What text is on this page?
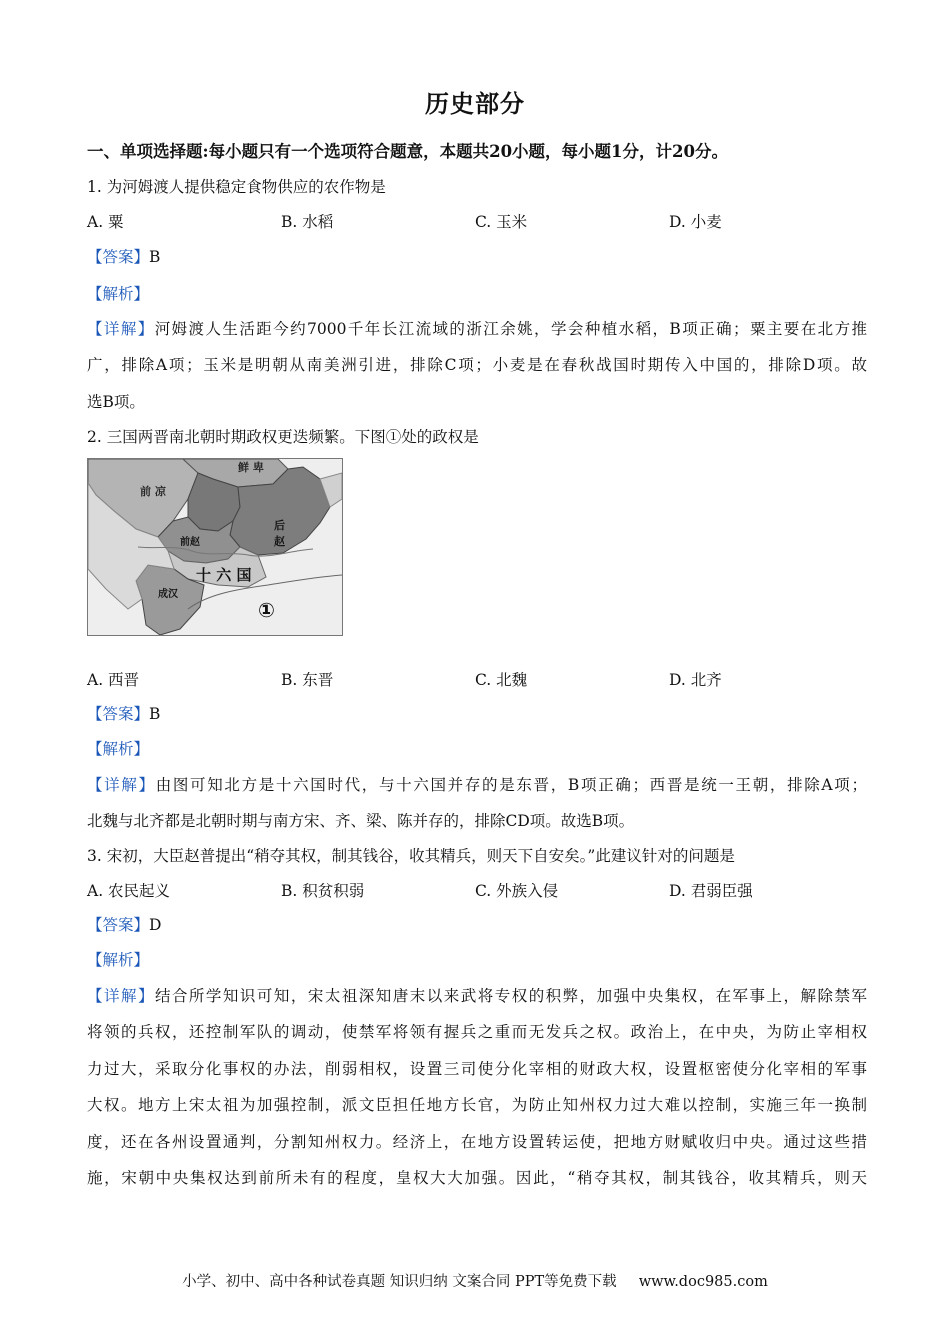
历史部分
一、单项选择题:每小题只有一个选项符合题意，本题共20小题，每小题1分，计20分。
1. 为河姆渡人提供稳定食物供应的农作物是
A. 粟	B. 水稻	C. 玉米	D. 小麦
【答案】B
【解析】
【详解】河姆渡人生活距今约7000千年长江流域的浙江余姚，学会种植水稻，B项正确；粟主要在北方推
广，排除A项；玉米是明朝从南美洲引进，排除C项；小麦是在春秋战国时期传入中国的，排除D项。故
选B项。
2. 三国两晋南北朝时期政权更迭频繁。下图①处的政权是
鲜 卑
前 凉
前赵
后
赵
十 六 国
成汉
①
A. 西晋	B. 东晋	C. 北魏	D. 北齐
【答案】B
【解析】
【详解】由图可知北方是十六国时代，与十六国并存的是东晋，B项正确；西晋是统一王朝，排除A项；
北魏与北齐都是北朝时期与南方宋、齐、梁、陈并存的，排除CD项。故选B项。
3. 宋初，大臣赵普提出“稍夺其权，制其钱谷，收其精兵，则天下自安矣。”此建议针对的问题是
A. 农民起义	B. 积贫积弱	C. 外族入侵	D. 君弱臣强
【答案】D
【解析】
【详解】结合所学知识可知，宋太祖深知唐末以来武将专权的积弊，加强中央集权，在军事上，解除禁军
将领的兵权，还控制军队的调动，使禁军将领有握兵之重而无发兵之权。政治上，在中央，为防止宰相权
力过大，采取分化事权的办法，削弱相权，设置三司使分化宰相的财政大权，设置枢密使分化宰相的军事
大权。地方上宋太祖为加强控制，派文臣担任地方长官，为防止知州权力过大难以控制，实施三年一换制
度，还在各州设置通判，分割知州权力。经济上，在地方设置转运使，把地方财赋收归中央。通过这些措
施，宋朝中央集权达到前所未有的程度，皇权大大加强。因此，“稍夺其权，制其钱谷，收其精兵，则天
小学、初中、高中各种试卷真题 知识归纳 文案合同 PPT等免费下载 www.doc985.com
